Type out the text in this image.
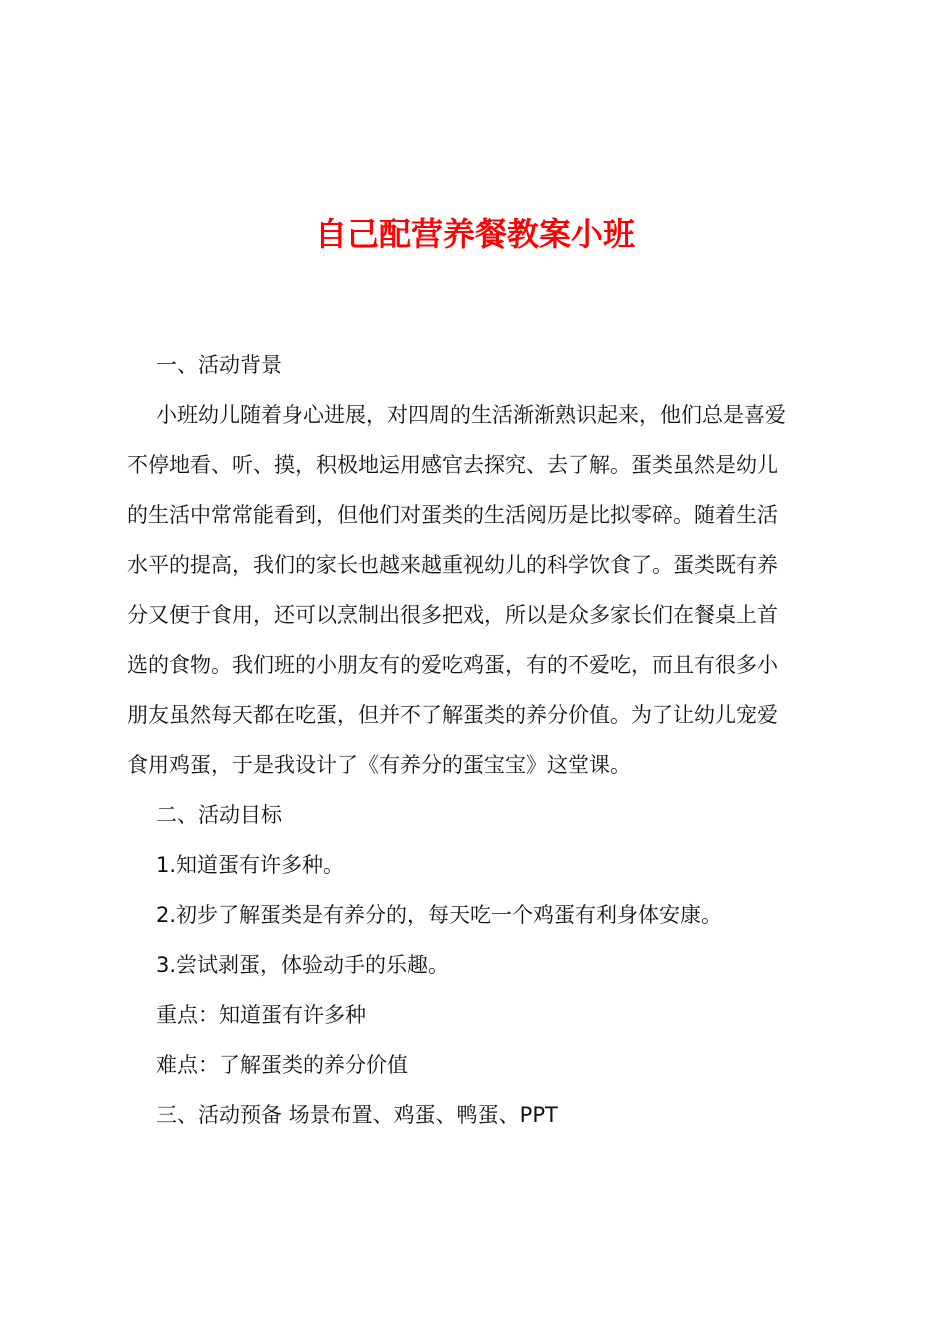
自己配营养餐教案小班

一、活动背景

小班幼儿随着身心进展，对四周的生活渐渐熟识起来，他们总是喜爱

不停地看、听、摸，积极地运用感官去探究、去了解。蛋类虽然是幼儿

的生活中常常能看到，但他们对蛋类的生活阅历是比拟零碎。随着生活

水平的提高，我们的家长也越来越重视幼儿的科学饮食了。蛋类既有养

分又便于食用，还可以烹制出很多把戏，所以是众多家长们在餐桌上首

选的食物。我们班的小朋友有的爱吃鸡蛋，有的不爱吃，而且有很多小

朋友虽然每天都在吃蛋，但并不了解蛋类的养分价值。为了让幼儿宠爱

食用鸡蛋，于是我设计了《有养分的蛋宝宝》这堂课。

二、活动目标

1.知道蛋有许多种。

2.初步了解蛋类是有养分的，每天吃一个鸡蛋有利身体安康。

3.尝试剥蛋，体验动手的乐趣。

重点：知道蛋有许多种

难点：了解蛋类的养分价值

三、活动预备 场景布置、鸡蛋、鸭蛋、PPT
